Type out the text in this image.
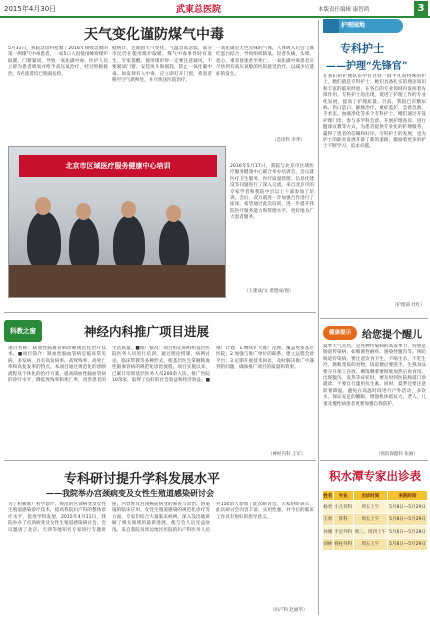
2015年4月30日	武東总医院	本版责任编辑 康智鸿	3
天气变化谨防煤气中毒
5月31日，我院急诊科抢救了2016年接收急救的第一例煤气中毒患者。一家5口人因使用蜂窝煤炉取暖，门窗紧闭，导致一氧化碳中毒。医护人员立即为患者吸氧并给予高压氧治疗，经过积极救治，5名患者均已脱离危险。
据统计，近期因天气变化，气温忽高忽低，部分市民仍在使用煤炉取暖，煤气中毒事件时有发生。专家提醒，使用煤炉时一定要注意通风，不要紧闭门窗，安装风斗和烟筒，防止一氧化碳中毒。如发现有人中毒，应立即打开门窗，将患者移至空气新鲜处，并尽快送医院治疗。
一氧化碳是无色无味的气体，人体吸入后会与血红蛋白结合，导致组织缺氧。轻者头痛、头晕、恶心，重者昏迷甚至死亡。一氧化碳中毒患者应尽快到有高压氧舱的医院接受治疗，以减少后遗症的发生。
（急诊科 李季）
北京市区域医疗服务健康中心培训	2016年5月17日，我院与北京市区域医疗服务健康中心联合举办培训会。会议就医疗卫生服务、医疗质量管理、信息化建设等问题进行了深入交流。来自北京市的专家学者和我院中层以上干部参加了培训。会后，双方就进一步加强合作进行了座谈，希望通过此次培训，进一步提升我院医疗服务能力和管理水平，更好地为广大患者服务。
（王建成/文 黄德成/图）
护理园地
专科护士
——护理“先锋官”
在我们的护理队伍中有这样一群平凡而特殊的护士，她们就是专科护士。她们具备扎实的理论知识和丰富的临床经验，在各自的专业领域内发挥着先锋作用。专科护士的出现，促进了护理工作的专业化发展，提高了护理质量。目前，我院已有糖尿病、伤口造口、静脉治疗、重症监护、急诊急救、手术室、血液净化等多个专科护士。她们通过开设护理门诊、参与多学科会诊、开展护理查房、进行健康宣教等方式，为患者提供专业化的护理服务，赢得了患者的信赖和好评。专科护士的发展，也为护士的职业发展开辟了新的道路，激励着更多的护士不断学习、追求卓越。
（护理部 杜红）
科教之窗	神经内科推广项目进展
项目名称：缺血性脑血管病诊断规范化治疗技术。■项目简介：缺血性脑血管病是临床常见病、多发病，具有高发病率、高致残率、高死亡率和高复发率的特点。本项目通过规范化的诊断流程及个体化的治疗方案，提高缺血性脑血管病的诊疗水平，降低致残率和死亡率，改善患者的生活质量。■推广情况：项目组定期组织基层医院医务人员进行培训，通过理论授课、病例讨论、临床带教等多种形式，使基层医生掌握缺血性脑血管病的规范化诊治流程。项目实施以来，已累计培训基层医务人员200余人次，推广医院10余家，取得了良好的社会效益和经济效益。■推广计划：1.继续扩大推广范围，覆盖更多基层医院；2.加强与推广单位的联系，建立远程会诊平台；3.定期开展技术回访，及时解决推广中遇到的问题，确保推广项目的质量和效果。
（神经内科 王军）
健康提示	给您提个醒儿
夏季天气炎热，是各种传染病的高发季节，特别是肠道传染病，如细菌性痢疾、感染性腹泻等。预防肠道传染病，要注意饮食卫生，不喝生水，不吃生冷、腐败变质的食物，饭前便后要洗手。生熟食品要分开加工存放，剩饭剩菜要彻底加热后再食用。出现腹泻、发热等症状时，要及时到医院肠道门诊就诊，不要自行滥用抗生素。同时，夏季还要注意防暑降温，避免在高温时段进行户外活动，多饮水，保证充足的睡眠，增强机体抵抗力。老人、儿童及慢性病患者更要加强自我防护。
（预防保健科 张丽）
专科研讨提升学科发展水平
——我院举办宫颈病变及女性生殖道感染研讨会
为了积极推广科学诊疗、规范的宫颈病变及女性生殖道感染诊疗技术，提高我院妇产科的整体诊疗水平，促进学科发展，2015年4月11日，我院举办了宫颈病变及女性生殖道感染研讨会。会议邀请了北京、天津等地知名专家进行专题讲座，内容涉及宫颈癌前病变的筛查与诊治、阴道镜的临床应用、女性生殖道感染的规范化诊疗等方面。专家们结合大量临床病例，深入浅出地讲解了相关领域的最新进展，使与会人员受益匪浅。来自我院及周边地区医院的妇产科医务人员共150余人参加了此次研讨会。大家纷纷表示，此次研讨会内容丰富、实用性强，对今后的临床工作具有很好的指导意义。
（妇产科 赵丽华）
积水潭专家出诊表
姓名	专业	出诊时间	来院时间
杨勇	小儿骨科	周五上午	5月8日—5月29日
王勇	骨科	周五上午	5月8日—5月29日
孙刚	手足外科	周三、周四上午	5月6日—5月28日
刘林	脊柱外科	周五上午	5月8日—5月29日
